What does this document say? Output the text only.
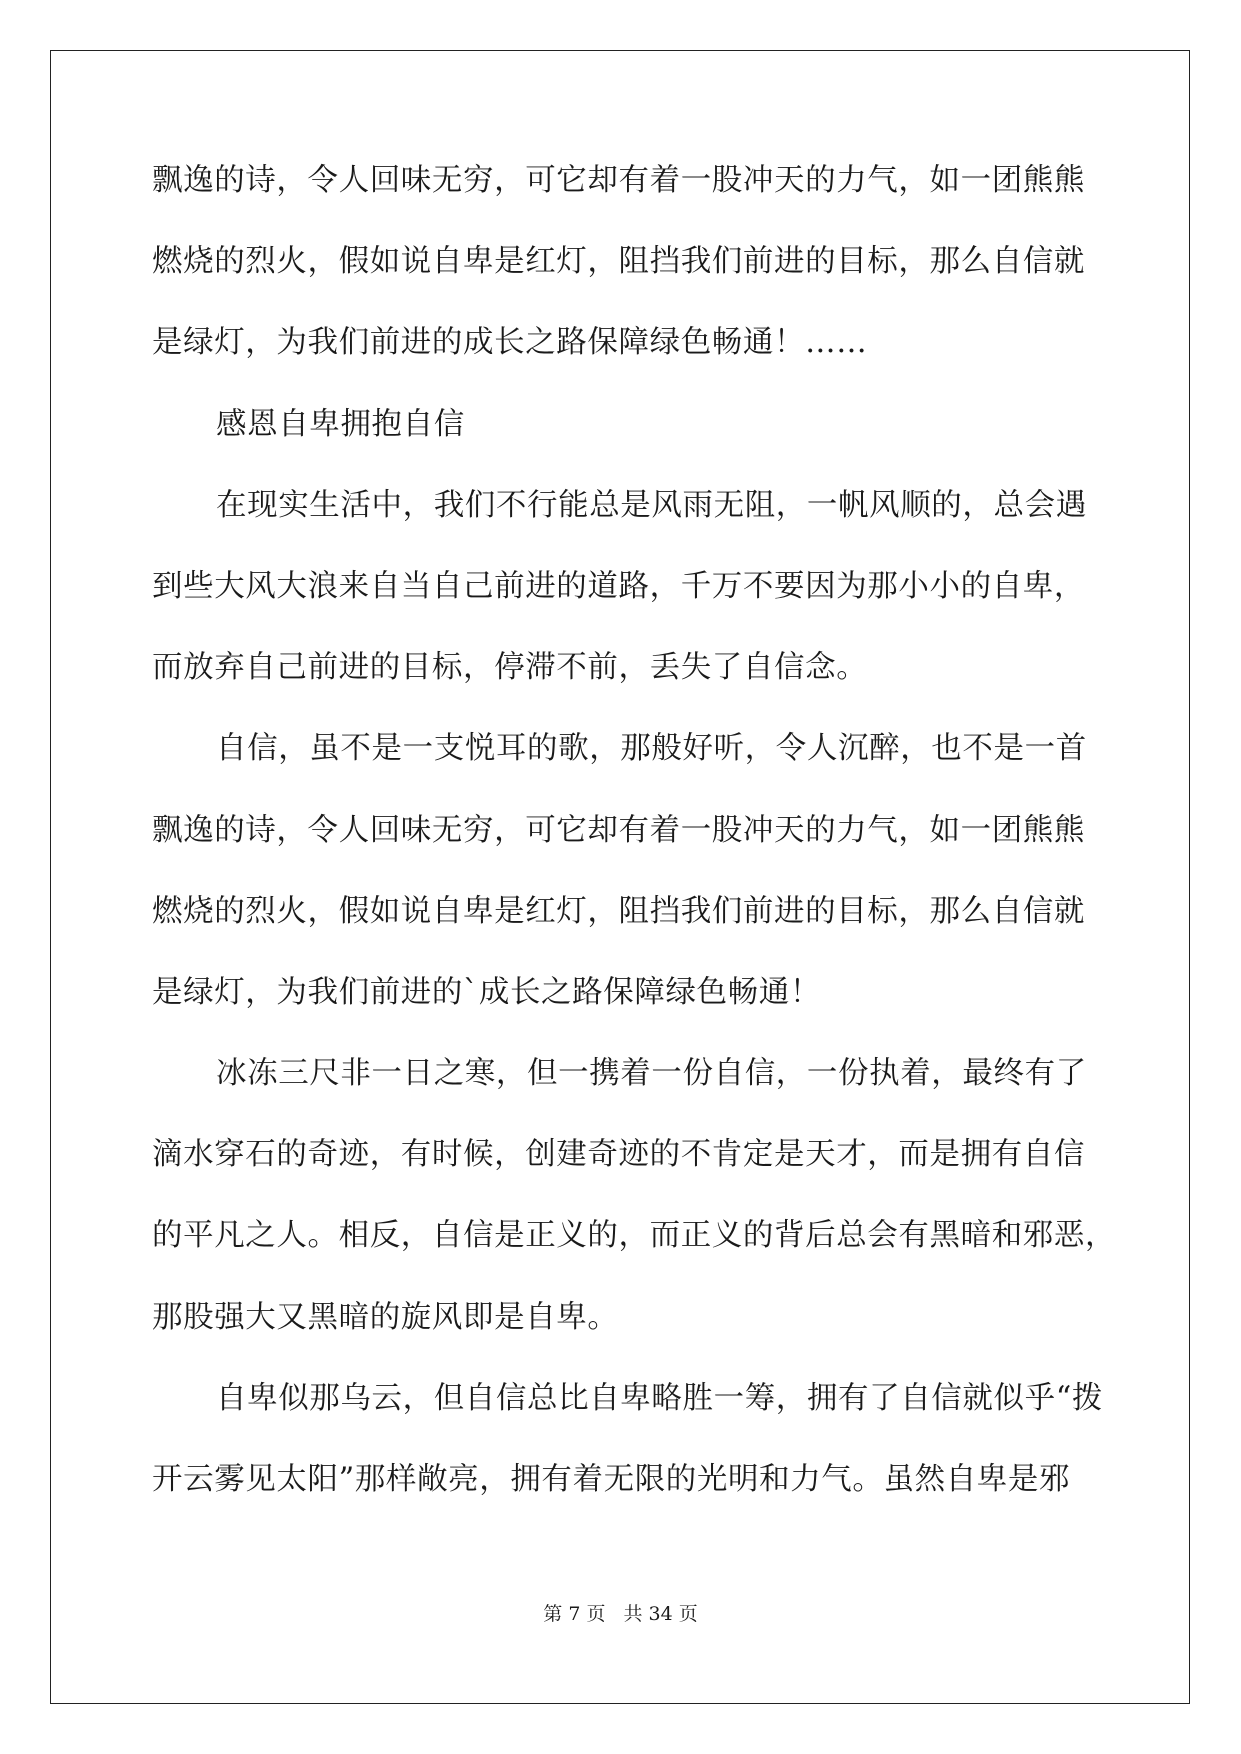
飘逸的诗，令人回味无穷，可它却有着一股冲天的力气，如一团熊熊
燃烧的烈火，假如说自卑是红灯，阻挡我们前进的目标，那么自信就
是绿灯，为我们前进的成长之路保障绿色畅通！……
感恩自卑拥抱自信
在现实生活中，我们不行能总是风雨无阻，一帆风顺的，总会遇
到些大风大浪来自当自己前进的道路，千万不要因为那小小的自卑，
而放弃自己前进的目标，停滞不前，丢失了自信念。
自信，虽不是一支悦耳的歌，那般好听，令人沉醉，也不是一首
飘逸的诗，令人回味无穷，可它却有着一股冲天的力气，如一团熊熊
燃烧的烈火，假如说自卑是红灯，阻挡我们前进的目标，那么自信就
是绿灯，为我们前进的`成长之路保障绿色畅通！
冰冻三尺非一日之寒，但一携着一份自信，一份执着，最终有了
滴水穿石的奇迹，有时候，创建奇迹的不肯定是天才，而是拥有自信
的平凡之人。相反，自信是正义的，而正义的背后总会有黑暗和邪恶，
那股强大又黑暗的旋风即是自卑。
自卑似那乌云，但自信总比自卑略胜一筹，拥有了自信就似乎“拨
开云雾见太阳”那样敞亮，拥有着无限的光明和力气。虽然自卑是邪
第 7 页 共 34 页
